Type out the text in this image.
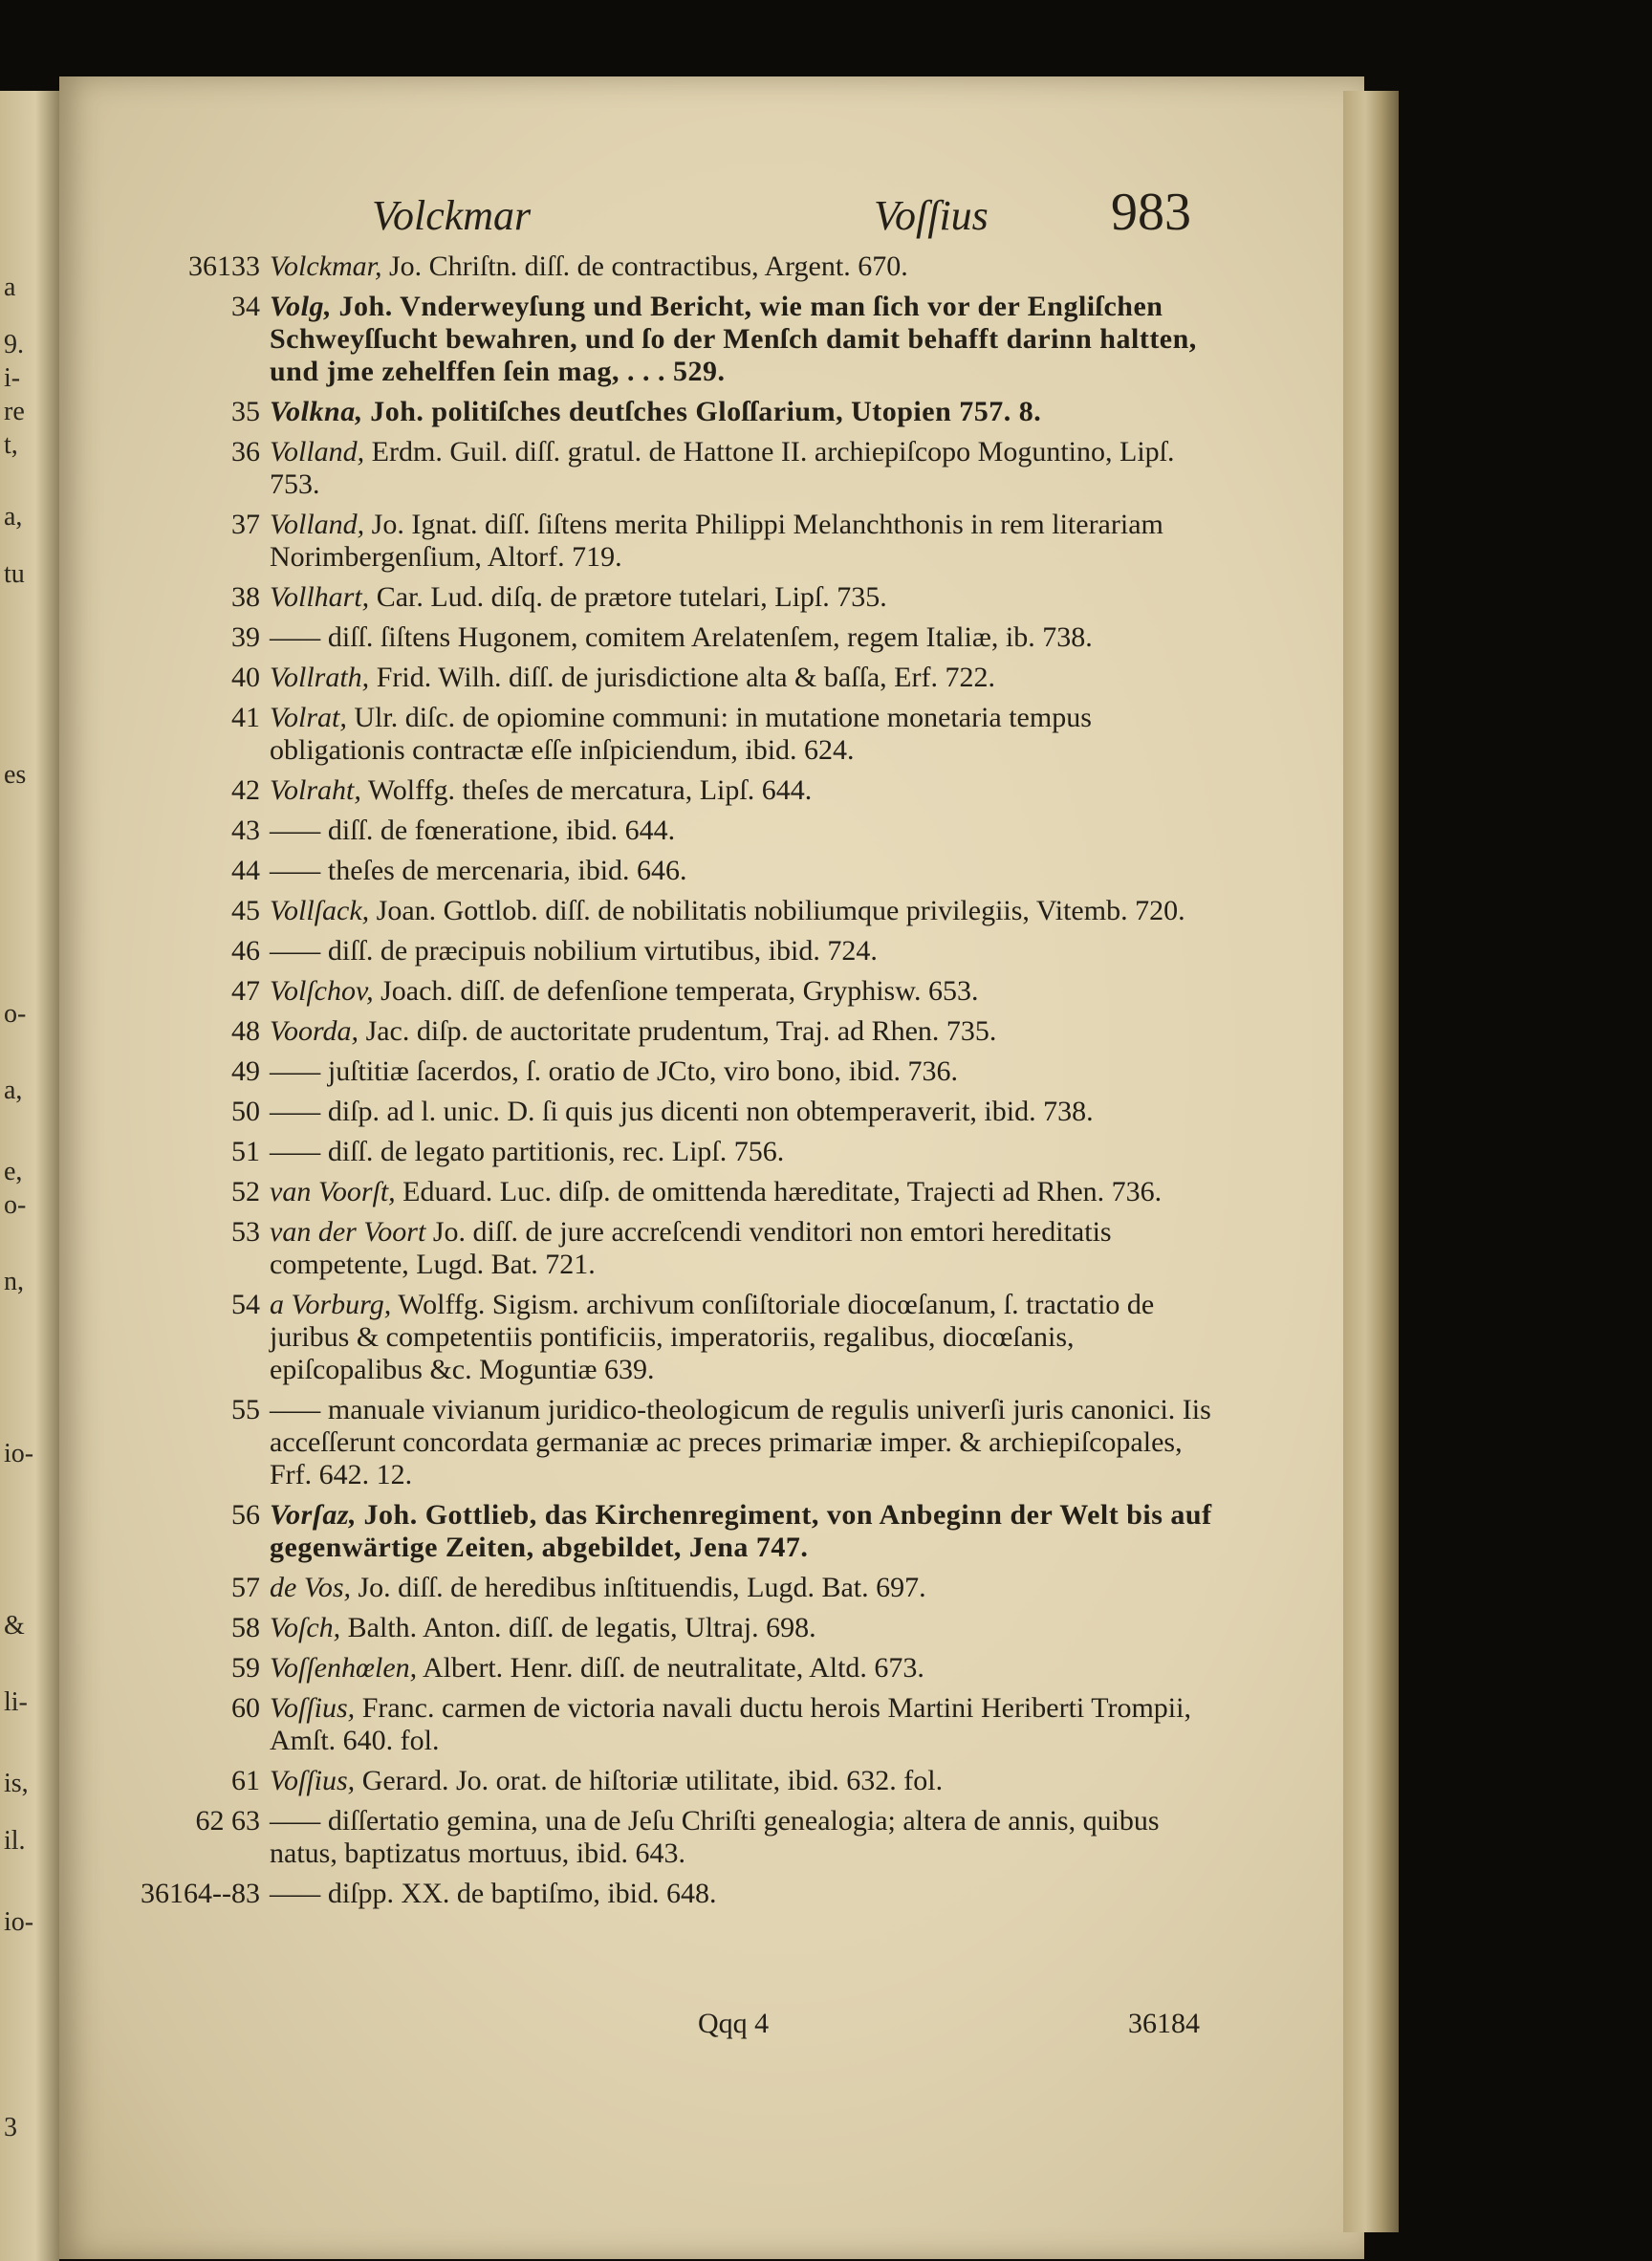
a
9.
i-
re
t,
a,
tu
es
o-
a,
e,
o-
n,
io-
&
li-
is,
il.
io-
3
Volckmar	Voſſius 983
36133 Volckmar, Jo. Chriſtn. diſſ. de contractibus, Argent. 670.
34 Volg, Joh. Vnderweyſung und Bericht, wie man ſich vor der Engliſchen Schweyſſucht bewahren, und ſo der Menſch damit behafft darinn haltten, und jme zehelffen ſein mag, . . . 529.
35 Volkna, Joh. politiſches deutſches Gloſſarium, Utopien 757. 8.
36 Volland, Erdm. Guil. diſſ. gratul. de Hattone II. archiepiſcopo Moguntino, Lipſ. 753.
37 Volland, Jo. Ignat. diſſ. ſiſtens merita Philippi Melanchthonis in rem literariam Norimbergenſium, Altorf. 719.
38 Vollhart, Car. Lud. diſq. de prætore tutelari, Lipſ. 735.
39 —— diſſ. ſiſtens Hugonem, comitem Arelatenſem, regem Italiæ, ib. 738.
40 Vollrath, Frid. Wilh. diſſ. de jurisdictione alta & baſſa, Erf. 722.
41 Volrat, Ulr. diſc. de opiomine communi: in mutatione monetaria tempus obligationis contractæ eſſe inſpiciendum, ibid. 624.
42 Volraht, Wolffg. theſes de mercatura, Lipſ. 644.
43 —— diſſ. de fœneratione, ibid. 644.
44 —— theſes de mercenaria, ibid. 646.
45 Vollſack, Joan. Gottlob. diſſ. de nobilitatis nobiliumque privilegiis, Vitemb. 720.
46 —— diſſ. de præcipuis nobilium virtutibus, ibid. 724.
47 Volſchov, Joach. diſſ. de defenſione temperata, Gryphisw. 653.
48 Voorda, Jac. diſp. de auctoritate prudentum, Traj. ad Rhen. 735.
49 —— juſtitiæ ſacerdos, ſ. oratio de JCto, viro bono, ibid. 736.
50 —— diſp. ad l. unic. D. ſi quis jus dicenti non obtemperaverit, ibid. 738.
51 —— diſſ. de legato partitionis, rec. Lipſ. 756.
52 van Voorſt, Eduard. Luc. diſp. de omittenda hæreditate, Trajecti ad Rhen. 736.
53 van der Voort Jo. diſſ. de jure accreſcendi venditori non emtori hereditatis competente, Lugd. Bat. 721.
54 a Vorburg, Wolffg. Sigism. archivum conſiſtoriale diocœſanum, ſ. tractatio de juribus & competentiis pontificiis, imperatoriis, regalibus, diocœſanis, epiſcopalibus &c. Moguntiæ 639.
55 —— manuale vivianum juridico-theologicum de regulis univerſi juris canonici. Iis acceſſerunt concordata germaniæ ac preces primariæ imper. & archiepiſcopales, Frf. 642. 12.
56 Vorſaz, Joh. Gottlieb, das Kirchenregiment, von Anbeginn der Welt bis auf gegenwärtige Zeiten, abgebildet, Jena 747.
57 de Vos, Jo. diſſ. de heredibus inſtituendis, Lugd. Bat. 697.
58 Voſch, Balth. Anton. diſſ. de legatis, Ultraj. 698.
59 Voſſenhœlen, Albert. Henr. diſſ. de neutralitate, Altd. 673.
60 Voſſius, Franc. carmen de victoria navali ductu herois Martini Heriberti Trompii, Amſt. 640. fol.
61 Voſſius, Gerard. Jo. orat. de hiſtoriæ utilitate, ibid. 632. fol.
62 63 —— diſſertatio gemina, una de Jeſu Chriſti genealogia; altera de annis, quibus natus, baptizatus mortuus, ibid. 643.
36164--83 —— diſpp. XX. de baptiſmo, ibid. 648.
Qqq 4	36184
